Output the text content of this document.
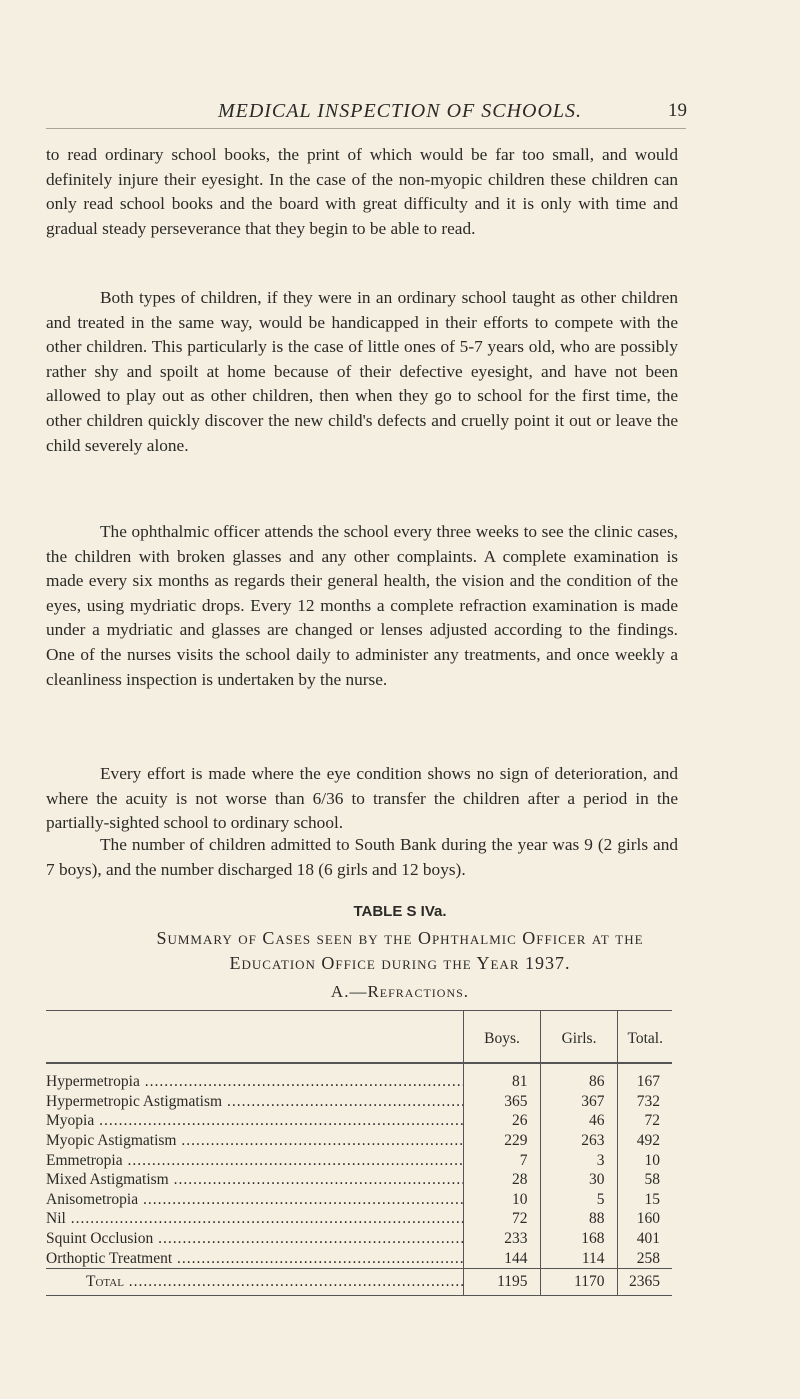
MEDICAL INSPECTION OF SCHOOLS.	19

to read ordinary school books, the print of which would be far too small, and would definitely injure their eyesight. In the case of the non-myopic children these children can only read school books and the board with great difficulty and it is only with time and gradual steady perseverance that they begin to be able to read.

Both types of children, if they were in an ordinary school taught as other children and treated in the same way, would be handicapped in their efforts to compete with the other children. This particularly is the case of little ones of 5-7 years old, who are possibly rather shy and spoilt at home because of their defective eyesight, and have not been allowed to play out as other children, then when they go to school for the first time, the other children quickly discover the new child's defects and cruelly point it out or leave the child severely alone.

The ophthalmic officer attends the school every three weeks to see the clinic cases, the children with broken glasses and any other complaints. A complete examination is made every six months as regards their general health, the vision and the condition of the eyes, using mydriatic drops. Every 12 months a complete refraction examination is made under a mydriatic and glasses are changed or lenses adjusted according to the findings. One of the nurses visits the school daily to administer any treatments, and once weekly a cleanliness inspection is undertaken by the nurse.

Every effort is made where the eye condition shows no sign of deterioration, and where the acuity is not worse than 6/36 to transfer the children after a period in the partially-sighted school to ordinary school.

The number of children admitted to South Bank during the year was 9 (2 girls and 7 boys), and the number discharged 18 (6 girls and 12 boys).

TABLE S IVa.
Summary of Cases seen by the Ophthalmic Officer at the
Education Office during the Year 1937.
A.—Refractions.
	Boys.	Girls.	Total.

Hypermetropia .....	81	86	167

Hypermetropic Astigmatism .....	365	367	732

Myopia .....	26	46	72

Myopic Astigmatism .....	229	263	492

Emmetropia .....	7	3	10

Mixed Astigmatism .....	28	30	58

Anisometropia .....	10	5	15

Nil .....	72	88	160

Squint Occlusion .....	233	168	401

Orthoptic Treatment .....	144	114	258

Total .....	1195	1170	2365
